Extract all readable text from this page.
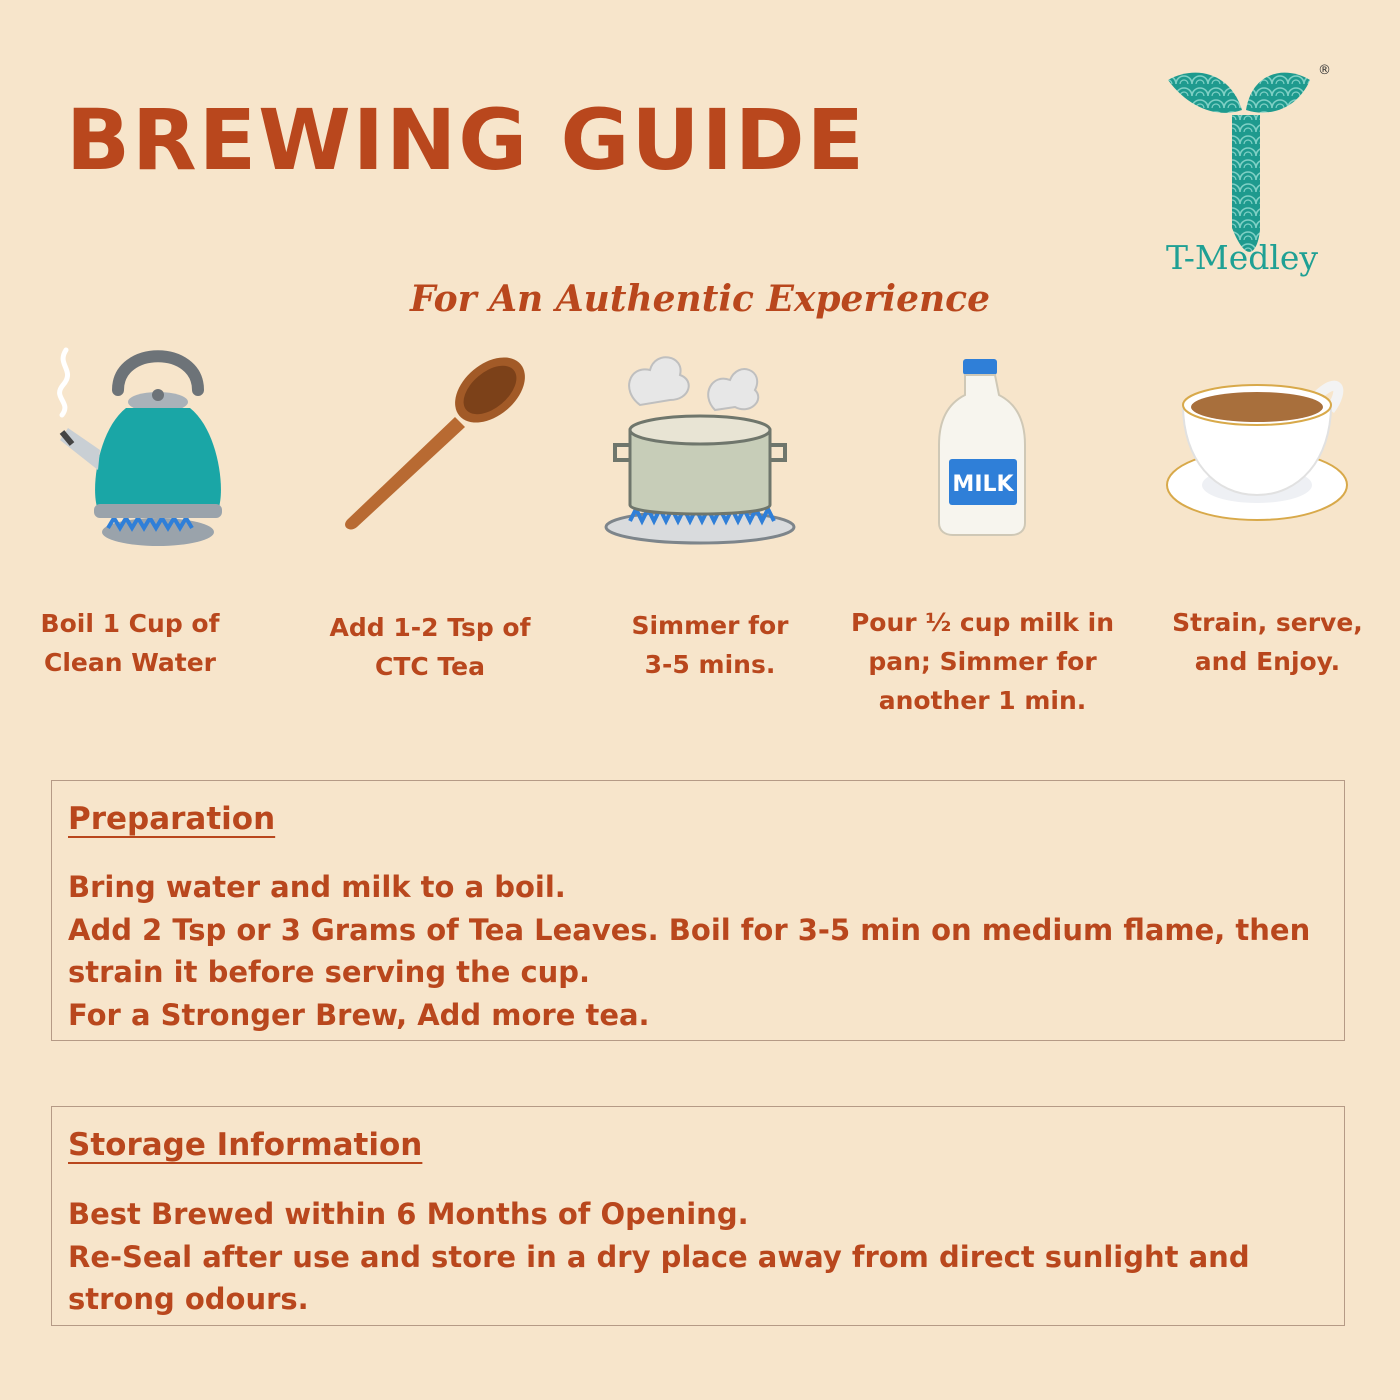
BREWING GUIDE
®
T-Medley
For An Authentic Experience
Boil 1 Cup of
Clean Water
Add 1-2 Tsp of
CTC Tea
Simmer for
3-5 mins.
MILK
Pour ½ cup milk in
pan; Simmer for
another 1 min.
Strain, serve,
and Enjoy.
Preparation
Bring water and milk to a boil.
Add 2 Tsp or 3 Grams of Tea Leaves. Boil for 3-5 min on medium flame, then
strain it before serving the cup.
For a Stronger Brew, Add more tea.
Storage Information
Best Brewed within 6 Months of Opening.
Re-Seal after use and store in a dry place away from direct sunlight and
strong odours.
